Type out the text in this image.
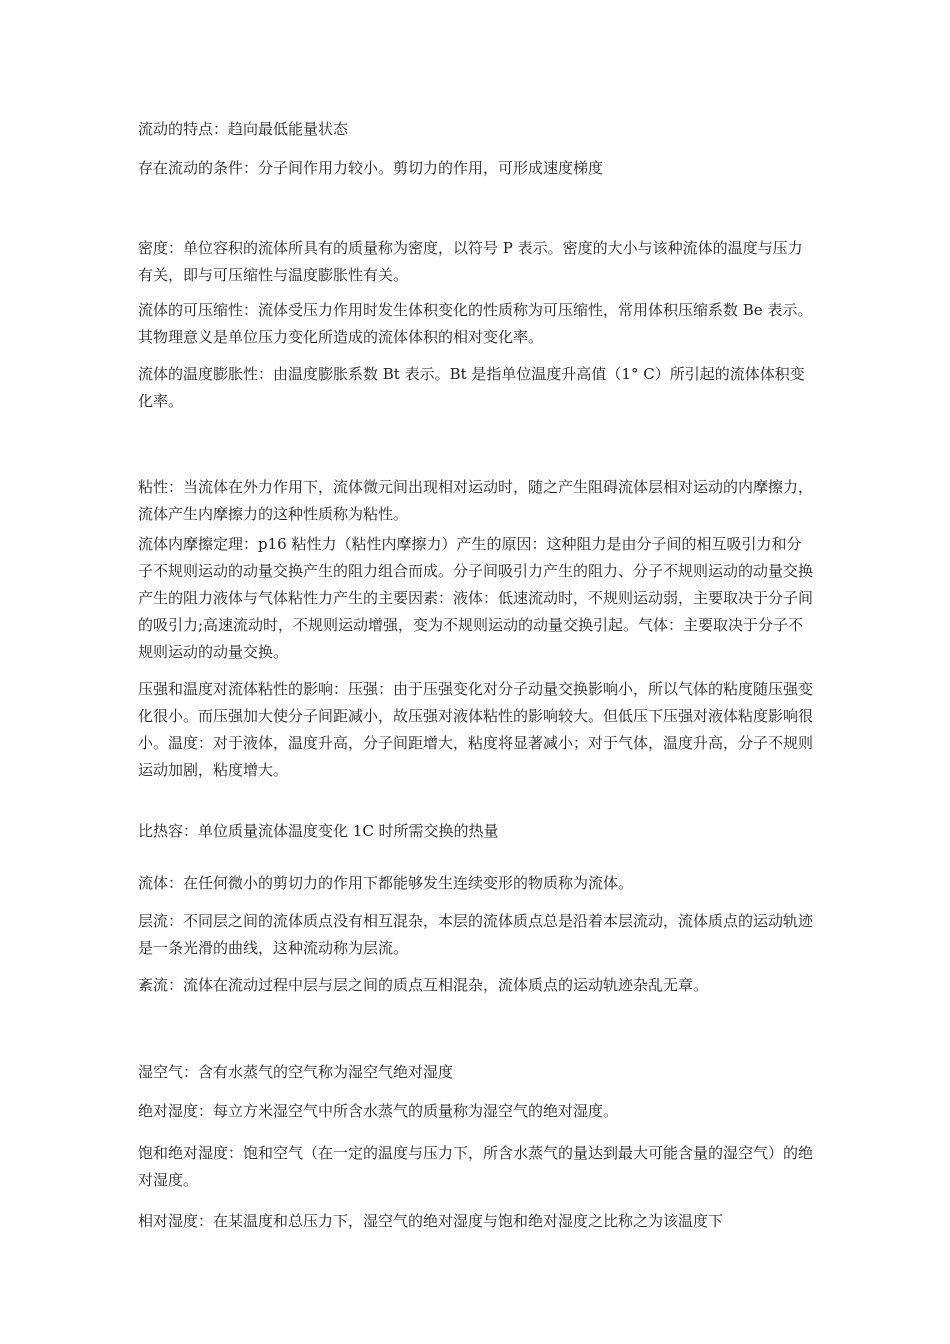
流动的特点：趋向最低能量状态

存在流动的条件：分子间作用力较小。剪切力的作用，可形成速度梯度

密度：单位容积的流体所具有的质量称为密度，以符号 P 表示。密度的大小与该种流体的温度与压力有关，即与可压缩性与温度膨胀性有关。

流体的可压缩性：流体受压力作用时发生体积变化的性质称为可压缩性，常用体积压缩系数 Be 表示。其物理意义是单位压力变化所造成的流体体积的相对变化率。

流体的温度膨胀性：由温度膨胀系数 Bt 表示。Bt 是指单位温度升高值（1° C）所引起的流体体积变化率。

粘性：当流体在外力作用下，流体微元间出现相对运动时，随之产生阻碍流体层相对运动的内摩擦力，流体产生内摩擦力的这种性质称为粘性。

流体内摩擦定理：p16 粘性力（粘性内摩擦力）产生的原因：这种阻力是由分子间的相互吸引力和分子不规则运动的动量交换产生的阻力组合而成。分子间吸引力产生的阻力、分子不规则运动的动量交换产生的阻力液体与气体粘性力产生的主要因素：液体：低速流动时，不规则运动弱，主要取决于分子间的吸引力;高速流动时，不规则运动增强，变为不规则运动的动量交换引起。气体：主要取决于分子不规则运动的动量交换。

压强和温度对流体粘性的影响：压强：由于压强变化对分子动量交换影响小，所以气体的粘度随压强变化很小。而压强加大使分子间距减小，故压强对液体粘性的影响较大。但低压下压强对液体粘度影响很小。温度：对于液体，温度升高，分子间距增大，粘度将显著减小；对于气体，温度升高，分子不规则运动加剧，粘度增大。

比热容：单位质量流体温度变化 1C 时所需交换的热量

流体：在任何微小的剪切力的作用下都能够发生连续变形的物质称为流体。

层流：不同层之间的流体质点没有相互混杂，本层的流体质点总是沿着本层流动，流体质点的运动轨迹是一条光滑的曲线，这种流动称为层流。

紊流：流体在流动过程中层与层之间的质点互相混杂，流体质点的运动轨迹杂乱无章。

湿空气：含有水蒸气的空气称为湿空气绝对湿度

绝对湿度：每立方米湿空气中所含水蒸气的质量称为湿空气的绝对湿度。

饱和绝对湿度：饱和空气（在一定的温度与压力下，所含水蒸气的量达到最大可能含量的湿空气）的绝对湿度。

相对湿度：在某温度和总压力下，湿空气的绝对湿度与饱和绝对湿度之比称之为该温度下
